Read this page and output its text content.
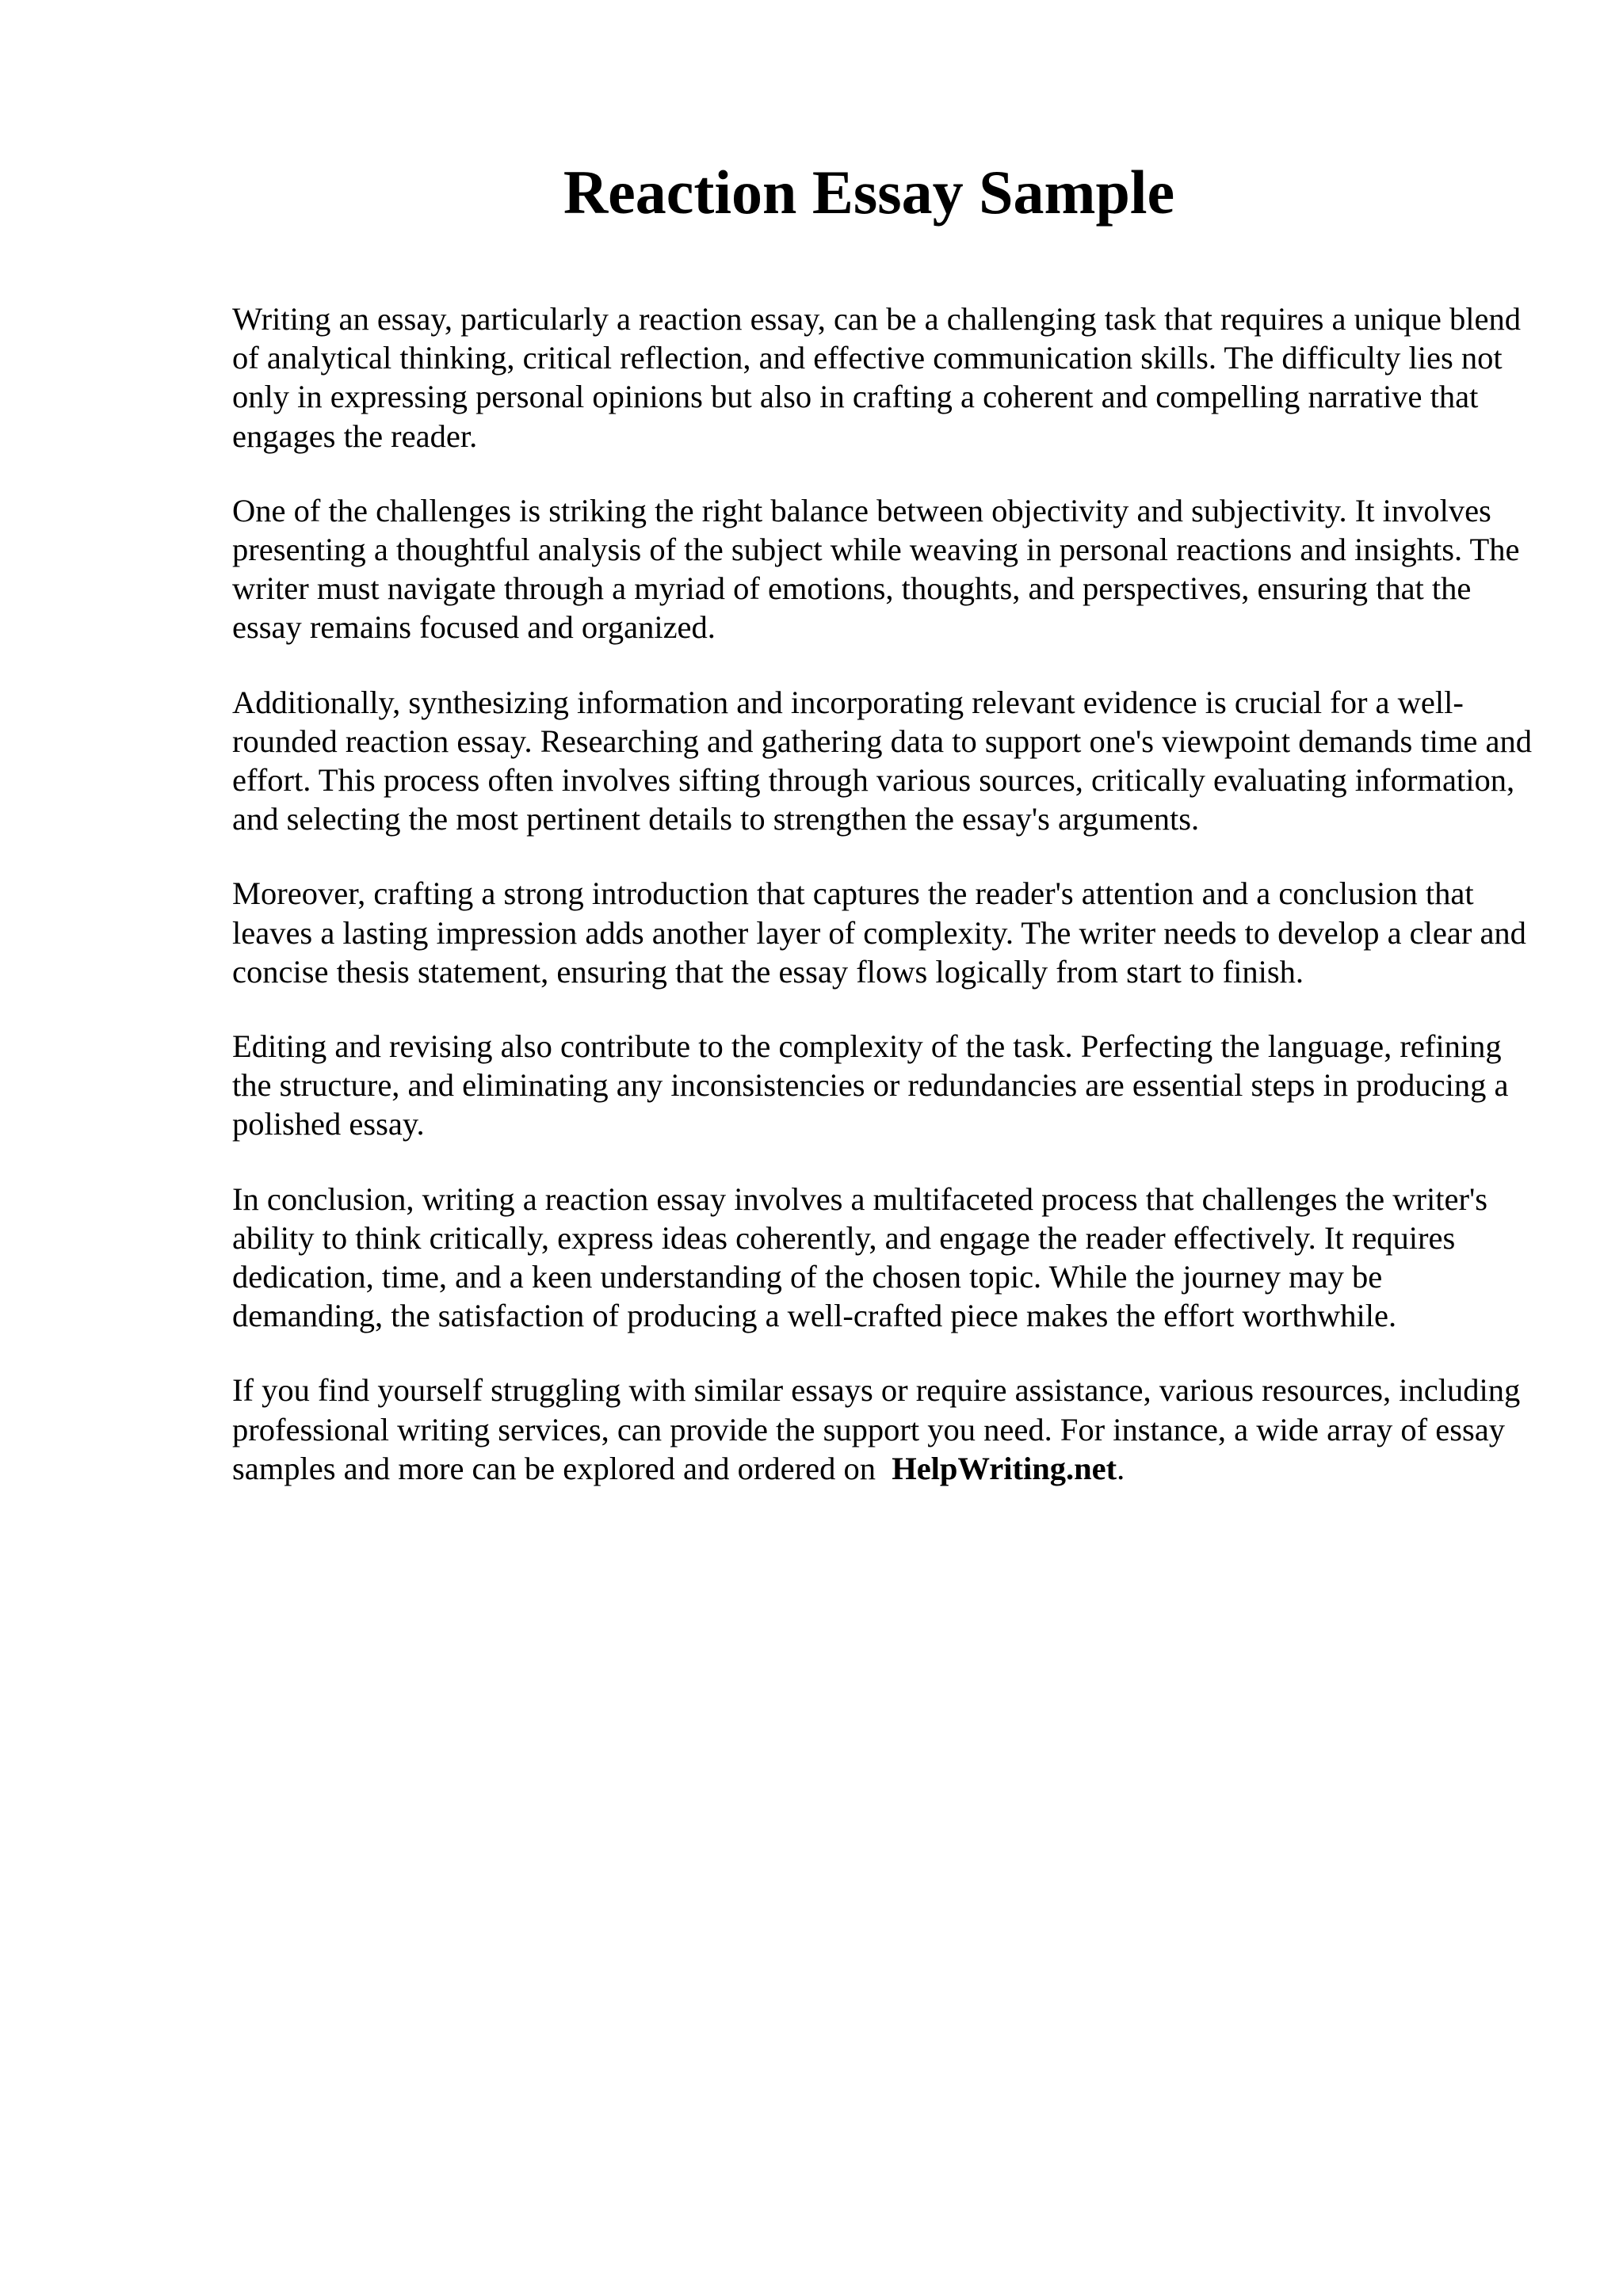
Reaction Essay Sample

Writing an essay, particularly a reaction essay, can be a challenging task that requires a unique blend of analytical thinking, critical reflection, and effective communication skills. The difficulty lies not only in expressing personal opinions but also in crafting a coherent and compelling narrative that engages the reader.

One of the challenges is striking the right balance between objectivity and subjectivity. It involves presenting a thoughtful analysis of the subject while weaving in personal reactions and insights. The writer must navigate through a myriad of emotions, thoughts, and perspectives, ensuring that the essay remains focused and organized.

Additionally, synthesizing information and incorporating relevant evidence is crucial for a well-rounded reaction essay. Researching and gathering data to support one's viewpoint demands time and effort. This process often involves sifting through various sources, critically evaluating information, and selecting the most pertinent details to strengthen the essay's arguments.

Moreover, crafting a strong introduction that captures the reader's attention and a conclusion that leaves a lasting impression adds another layer of complexity. The writer needs to develop a clear and concise thesis statement, ensuring that the essay flows logically from start to finish.

Editing and revising also contribute to the complexity of the task. Perfecting the language, refining the structure, and eliminating any inconsistencies or redundancies are essential steps in producing a polished essay.

In conclusion, writing a reaction essay involves a multifaceted process that challenges the writer's ability to think critically, express ideas coherently, and engage the reader effectively. It requires dedication, time, and a keen understanding of the chosen topic. While the journey may be demanding, the satisfaction of producing a well-crafted piece makes the effort worthwhile.

If you find yourself struggling with similar essays or require assistance, various resources, including professional writing services, can provide the support you need. For instance, a wide array of essay samples and more can be explored and ordered on HelpWriting.net.
